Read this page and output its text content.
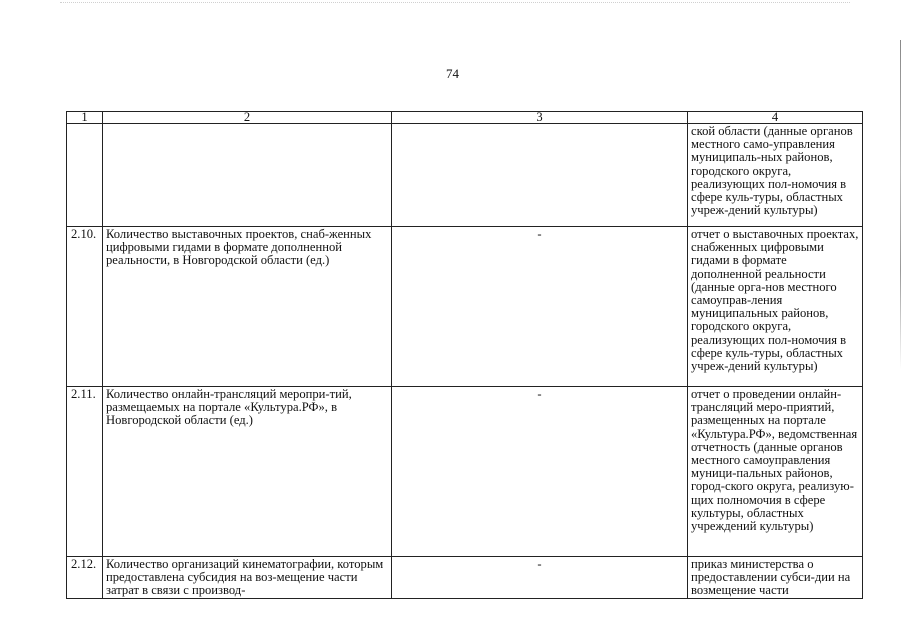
74
1	2	3	4
			ской области (данные органов местного само-управления муниципаль-ных районов, городского округа, реализующих пол-номочия в сфере куль-туры, областных учреж-дений культуры)
2.10.	Количество выставочных проектов, снаб-женных цифровыми гидами в формате дополненной реальности, в Новгородской области (ед.)	-	отчет о выставочных проектах, снабженных цифровыми гидами в формате дополненной реальности (данные орга-нов местного самоуправ-ления муниципальных районов, городского округа, реализующих пол-номочия в сфере куль-туры, областных учреж-дений культуры)
2.11.	Количество онлайн-трансляций меропри-тий, размещаемых на портале «Культура.РФ», в Новгородской области (ед.)	-	отчет о проведении онлайн-трансляций меро-приятий, размещенных на портале «Культура.РФ», ведомственная отчетность (данные органов местного самоуправления муници-пальных районов, город-ского округа, реализую-щих полномочия в сфере культуры, областных учреждений культуры)
2.12.	Количество организаций кинематографии, которым предоставлена субсидия на воз-мещение части затрат в связи с производ-	-	приказ министерства о предоставлении субси-дии на возмещение части
